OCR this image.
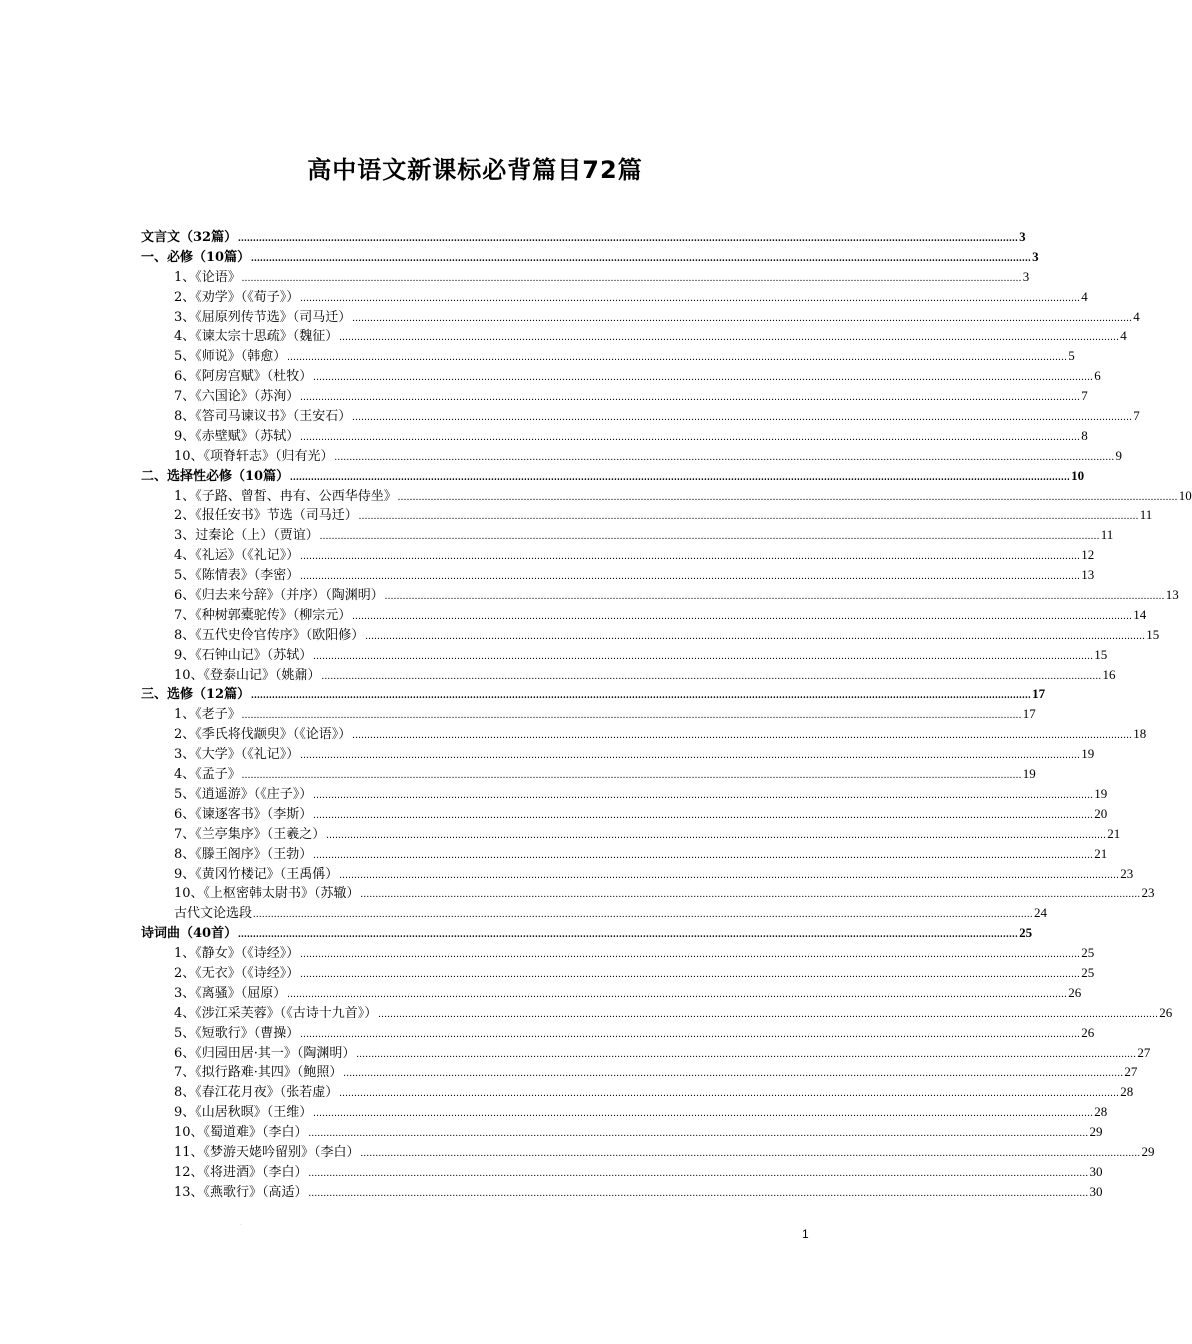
高中语文新课标必背篇目72篇
文言文（32篇） .................................................................................................................................................................................................................................................................... 3
一、必修（10篇） .................................................................................................................................................................................................................................................................... 3
1、《论语》 .................................................................................................................................................................................................................................................................... 3
2、《劝学》（《荀子》） .................................................................................................................................................................................................................................................................... 4
3、《屈原列传节选》（司马迁） .................................................................................................................................................................................................................................................................... 4
4、《谏太宗十思疏》（魏征） .................................................................................................................................................................................................................................................................... 4
5、《师说》（韩愈） .................................................................................................................................................................................................................................................................... 5
6、《阿房宫赋》（杜牧） .................................................................................................................................................................................................................................................................... 6
7、《六国论》（苏洵） .................................................................................................................................................................................................................................................................... 7
8、《答司马谏议书》（王安石） .................................................................................................................................................................................................................................................................... 7
9、《赤壁赋》（苏轼） .................................................................................................................................................................................................................................................................... 8
10、《项脊轩志》（归有光） .................................................................................................................................................................................................................................................................... 9
二、选择性必修（10篇） .................................................................................................................................................................................................................................................................... 10
1、《子路、曾皙、冉有、公西华侍坐》 .................................................................................................................................................................................................................................................................... 10
2、《报任安书》节选（司马迁） .................................................................................................................................................................................................................................................................... 11
3、过秦论（上）（贾谊） .................................................................................................................................................................................................................................................................... 11
4、《礼运》（《礼记》） .................................................................................................................................................................................................................................................................... 12
5、《陈情表》（李密） .................................................................................................................................................................................................................................................................... 13
6、《归去来兮辞》（并序）（陶渊明） .................................................................................................................................................................................................................................................................... 13
7、《种树郭橐驼传》（柳宗元） .................................................................................................................................................................................................................................................................... 14
8、《五代史伶官传序》（欧阳修） .................................................................................................................................................................................................................................................................... 15
9、《石钟山记》（苏轼） .................................................................................................................................................................................................................................................................... 15
10、《登泰山记》（姚鼐） .................................................................................................................................................................................................................................................................... 16
三、选修（12篇） .................................................................................................................................................................................................................................................................... 17
1、《老子》 .................................................................................................................................................................................................................................................................... 17
2、《季氏将伐颛臾》（《论语》） .................................................................................................................................................................................................................................................................... 18
3、《大学》（《礼记》） .................................................................................................................................................................................................................................................................... 19
4、《孟子》 .................................................................................................................................................................................................................................................................... 19
5、《逍遥游》（《庄子》） .................................................................................................................................................................................................................................................................... 19
6、《谏逐客书》（李斯） .................................................................................................................................................................................................................................................................... 20
7、《兰亭集序》（王羲之） .................................................................................................................................................................................................................................................................... 21
8、《滕王阁序》（王勃） .................................................................................................................................................................................................................................................................... 21
9、《黄冈竹楼记》（王禹偁） .................................................................................................................................................................................................................................................................... 23
10、《上枢密韩太尉书》（苏辙） .................................................................................................................................................................................................................................................................... 23
古代文论选段 .................................................................................................................................................................................................................................................................... 24
诗词曲（40首） .................................................................................................................................................................................................................................................................... 25
1、《静女》（《诗经》） .................................................................................................................................................................................................................................................................... 25
2、《无衣》（《诗经》） .................................................................................................................................................................................................................................................................... 25
3、《离骚》（屈原） .................................................................................................................................................................................................................................................................... 26
4、《涉江采芙蓉》（《古诗十九首》） .................................................................................................................................................................................................................................................................... 26
5、《短歌行》（曹操） .................................................................................................................................................................................................................................................................... 26
6、《归园田居·其一》（陶渊明） .................................................................................................................................................................................................................................................................... 27
7、《拟行路难·其四》（鲍照） .................................................................................................................................................................................................................................................................... 27
8、《春江花月夜》（张若虚） .................................................................................................................................................................................................................................................................... 28
9、《山居秋暝》（王维） .................................................................................................................................................................................................................................................................... 28
10、《蜀道难》（李白） .................................................................................................................................................................................................................................................................... 29
11、《梦游天姥吟留别》（李白） .................................................................................................................................................................................................................................................................... 29
12、《将进酒》（李白） .................................................................................................................................................................................................................................................................... 30
13、《燕歌行》（高适） .................................................................................................................................................................................................................................................................... 30
.
1
